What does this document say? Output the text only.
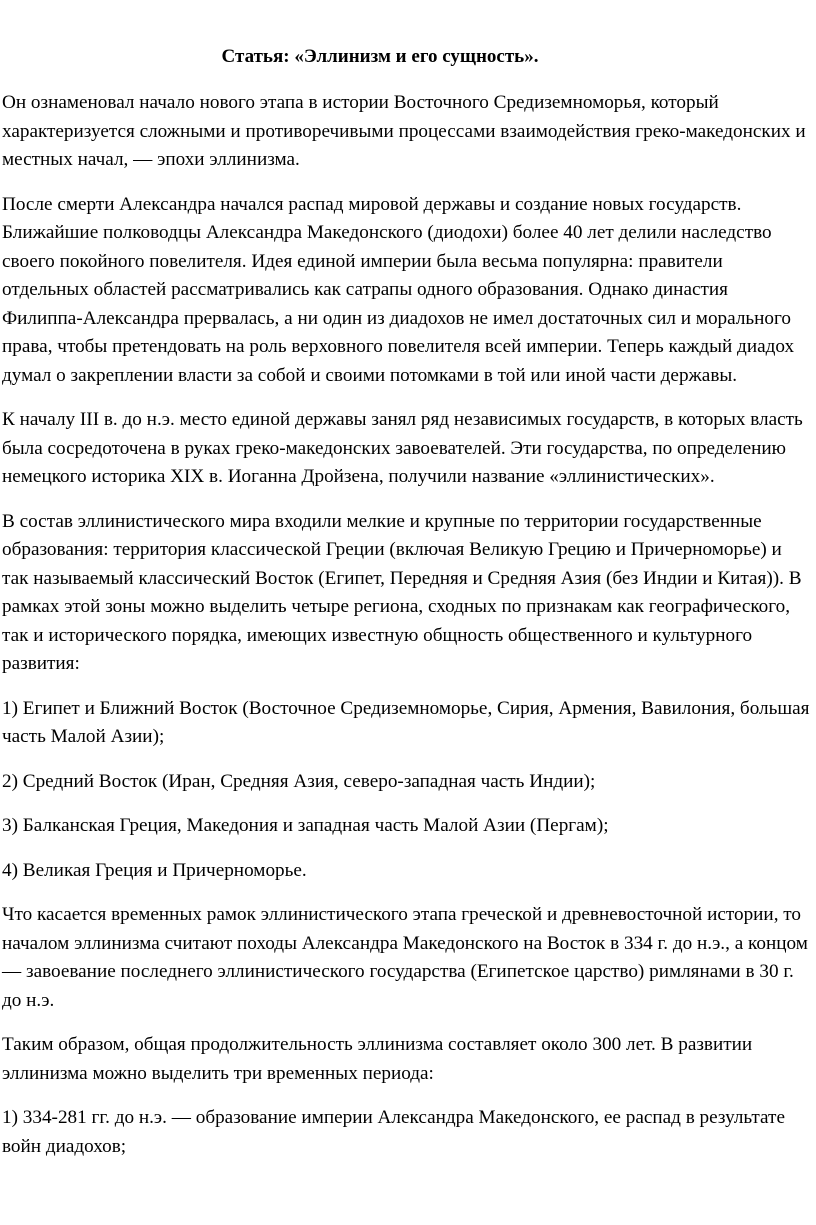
Статья: «Эллинизм и его сущность».

Он ознаменовал начало нового этапа в истории Восточного Средиземноморья, который характеризуется сложными и противоречивыми процессами взаимодействия греко-македонских и местных начал, — эпохи эллинизма.

После смерти Александра начался распад мировой державы и создание новых государств. Ближайшие полководцы Александра Македонского (диодохи) более 40 лет делили наследство своего покойного повелителя. Идея единой империи была весьма популярна: правители отдельных областей рассматривались как сатрапы одного образования. Однако династия Филиппа-Александра прервалась, а ни один из диадохов не имел достаточных сил и морального права, чтобы претендовать на роль верховного повелителя всей империи. Теперь каждый диадох думал о закреплении власти за собой и своими потомками в той или иной части державы.

К началу III в. до н.э. место единой державы занял ряд независимых государств, в которых власть была сосредоточена в руках греко-македонских завоевателей. Эти государства, по определению немецкого историка XIX в. Иоганна Дройзена, получили название «эллинистических».

В состав эллинистического мира входили мелкие и крупные по территории государственные образования: территория классической Греции (включая Великую Грецию и Причерноморье) и так называемый классический Восток (Египет, Передняя и Средняя Азия (без Индии и Китая)). В рамках этой зоны можно выделить четыре региона, сходных по признакам как географического, так и исторического порядка, имеющих известную общность общественного и культурного развития:

1) Египет и Ближний Восток (Восточное Средиземноморье, Сирия, Армения, Вавилония, большая часть Малой Азии);

2) Средний Восток (Иран, Средняя Азия, северо-западная часть Индии);

3) Балканская Греция, Македония и западная часть Малой Азии (Пергам);

4) Великая Греция и Причерноморье.

Что касается временных рамок эллинистического этапа греческой и древневосточной истории, то началом эллинизма считают походы Александра Македонского на Восток в 334 г. до н.э., а концом — завоевание последнего эллинистического государства (Египетское царство) римлянами в 30 г. до н.э.

Таким образом, общая продолжительность эллинизма составляет около 300 лет. В развитии эллинизма можно выделить три временных периода:

1) 334-281 гг. до н.э. — образование империи Александра Македонского, ее распад в результате войн диадохов;
